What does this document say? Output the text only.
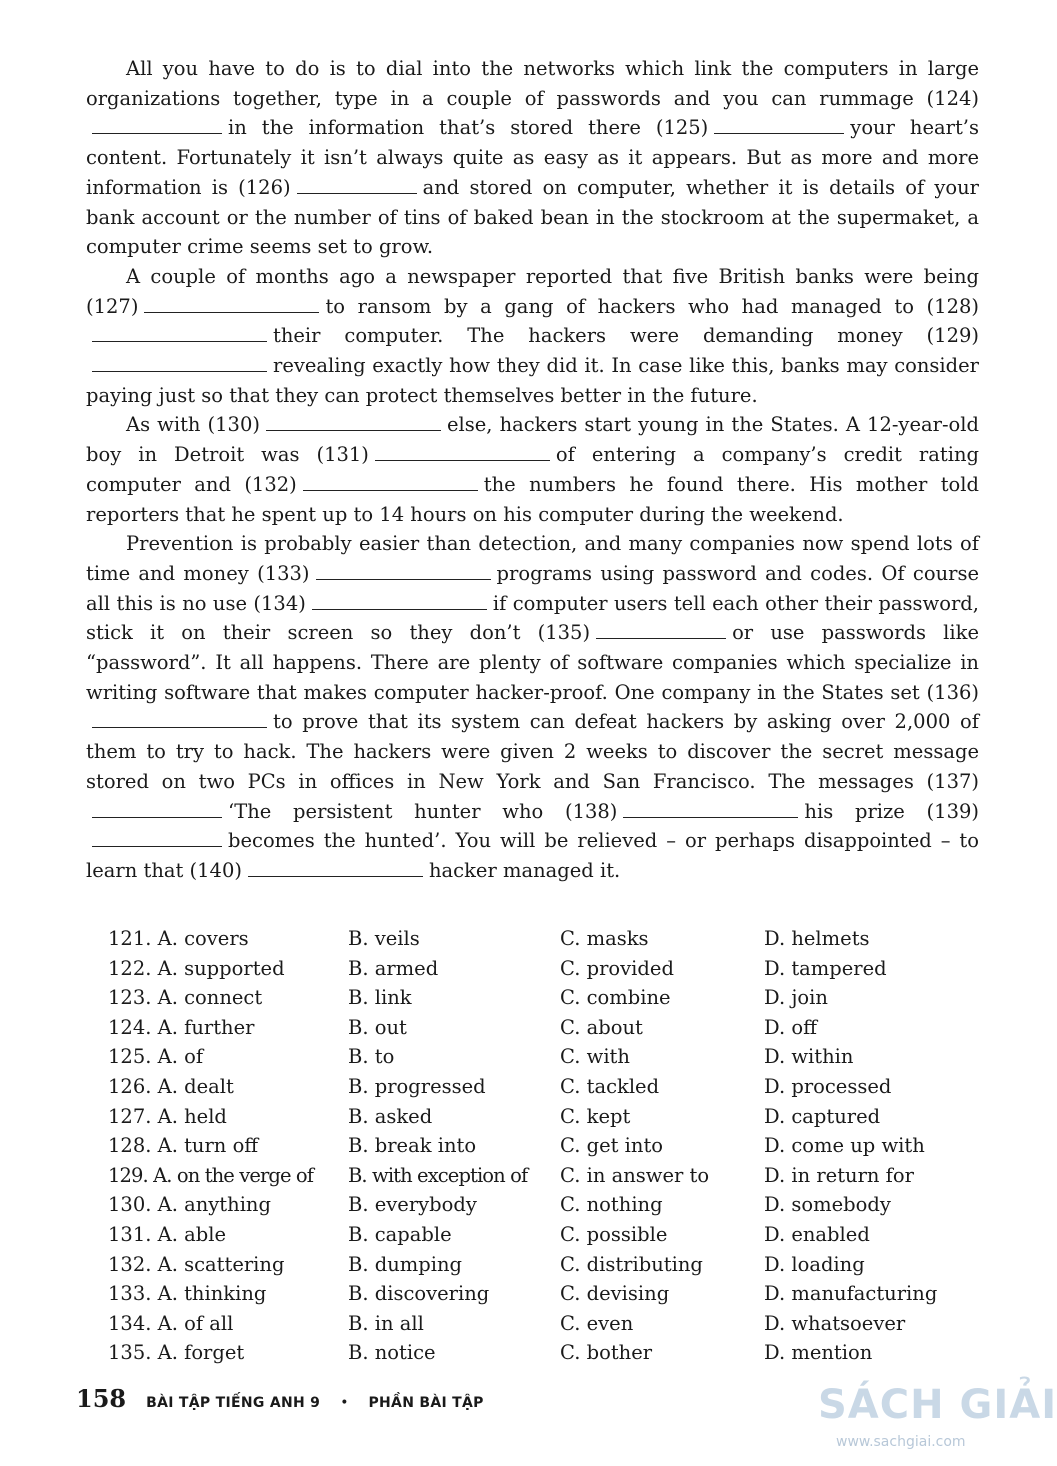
All you have to do is to dial into the networks which link the computers in large organizations together, type in a couple of passwords and you can rummage (124)in the information that’s stored there (125)	your heart’s content. Fortunately it isn’t always quite as easy as it appears. But as more and more information is (126)	and stored on computer, whether it is details of your bank account or the number of tins of baked bean in the stockroom at the supermaket, a computer crime seems set to grow.

A couple of months ago a newspaper reported that five British banks were being (127)	to ransom by a gang of hackers who had managed to (128)their computer. The hackers were demanding money (129)revealing exactly how they did it. In case like this, banks may consider paying just so that they can protect themselves better in the future.

As with (130)	else, hackers start young in the States. A 12-year-old boy in Detroit was (131)	of entering a company’s credit rating computer and (132)	the numbers he found there. His mother told reporters that he spent up to 14 hours on his computer during the weekend.

Prevention is probably easier than detection, and many companies now spend lots of time and money (133)	programs using password and codes. Of course all this is no use (134)	if computer users tell each other their password, stick it on their screen so they don’t (135)	or use passwords like “password”. It all happens. There are plenty of software companies which specialize in writing software that makes computer hacker-proof. One company in the States set (136)to prove that its system can defeat hackers by asking over 2,000 of them to try to hack. The hackers were given 2 weeks to discover the secret message stored on two PCs in offices in New York and San Francisco. The messages (137)‘The persistent hunter who (138)	his prize (139)becomes the hunted’. You will be relieved – or perhaps disappointed – to learn that (140)	hacker managed it.

121. A. covers	B. veils	C. masks	D. helmets
122. A. supported	B. armed	C. provided	D. tampered
123. A. connect	B. link	C. combine	D. join
124. A. further	B. out	C. about	D. off
125. A. of	B. to	C. with	D. within
126. A. dealt	B. progressed	C. tackled	D. processed
127. A. held	B. asked	C. kept	D. captured
128. A. turn off	B. break into	C. get into	D. come up with
129. A. on the verge of B. with exception of C. in answer to	D. in return for
130. A. anything	B. everybody	C. nothing	D. somebody
131. A. able	B. capable	C. possible	D. enabled
132. A. scattering	B. dumping	C. distributing	D. loading
133. A. thinking	B. discovering	C. devising	D. manufacturing
134. A. of all	B. in all	C. even	D. whatsoever
135. A. forget	B. notice	C. bother	D. mention
158 BÀI TẬP TIẾNG ANH 9 • PHẦN BÀI TẬP	SÁCH GIẢI
www.sachgiai.com
